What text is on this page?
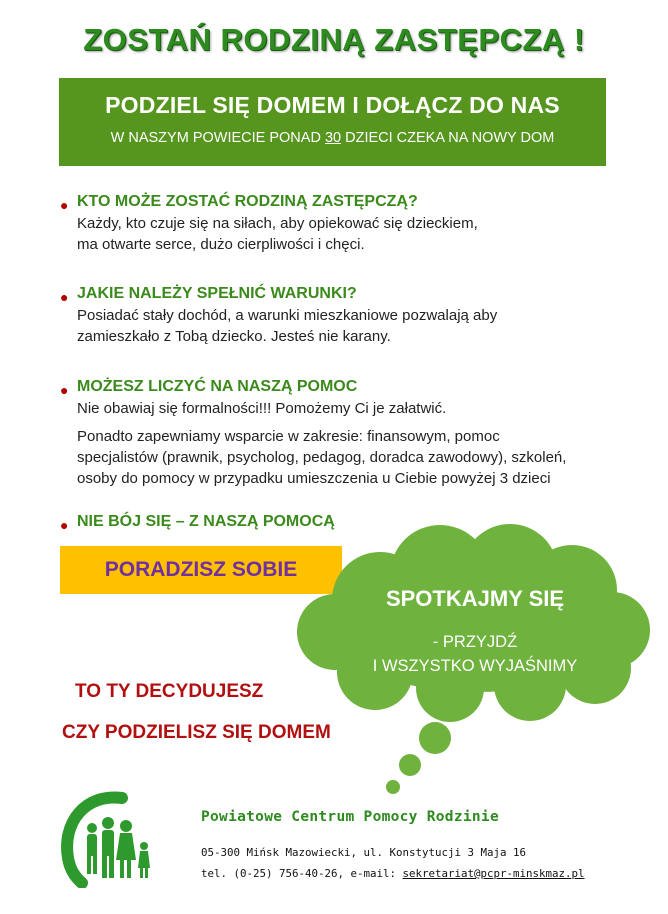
ZOSTAŃ RODZINĄ ZASTĘPCZĄ !
PODZIEL SIĘ DOMEM I DOŁĄCZ DO NAS
W NASZYM POWIECIE PONAD 30 DZIECI CZEKA NA NOWY DOM
● KTO MOŻE ZOSTAĆ RODZINĄ ZASTĘPCZĄ?
Każdy, kto czuje się na siłach, aby opiekować się dzieckiem,
ma otwarte serce, dużo cierpliwości i chęci.
● JAKIE NALEŻY SPEŁNIĆ WARUNKI?
Posiadać stały dochód, a warunki mieszkaniowe pozwalają aby
zamieszkało z Tobą dziecko. Jesteś nie karany.
● MOŻESZ LICZYĆ NA NASZĄ POMOC
Nie obawiaj się formalności!!! Pomożemy Ci je załatwić.
Ponadto zapewniamy wsparcie w zakresie: finansowym, pomoc
specjalistów (prawnik, psycholog, pedagog, doradca zawodowy), szkoleń,
osoby do pomocy w przypadku umieszczenia u Ciebie powyżej 3 dzieci
● NIE BÓJ SIĘ – Z NASZĄ POMOCĄ
PORADZISZ SOBIE
SPOTKAJMY SIĘ
- PRZYJDŹ
I WSZYSTKO WYJAŚNIMY
TO TY DECYDUJESZ
CZY PODZIELISZ SIĘ DOMEM
Powiatowe Centrum Pomocy Rodzinie
05-300 Mińsk Mazowiecki, ul. Konstytucji 3 Maja 16
tel. (0-25) 756-40-26, e-mail: sekretariat@pcpr-minskmaz.pl
